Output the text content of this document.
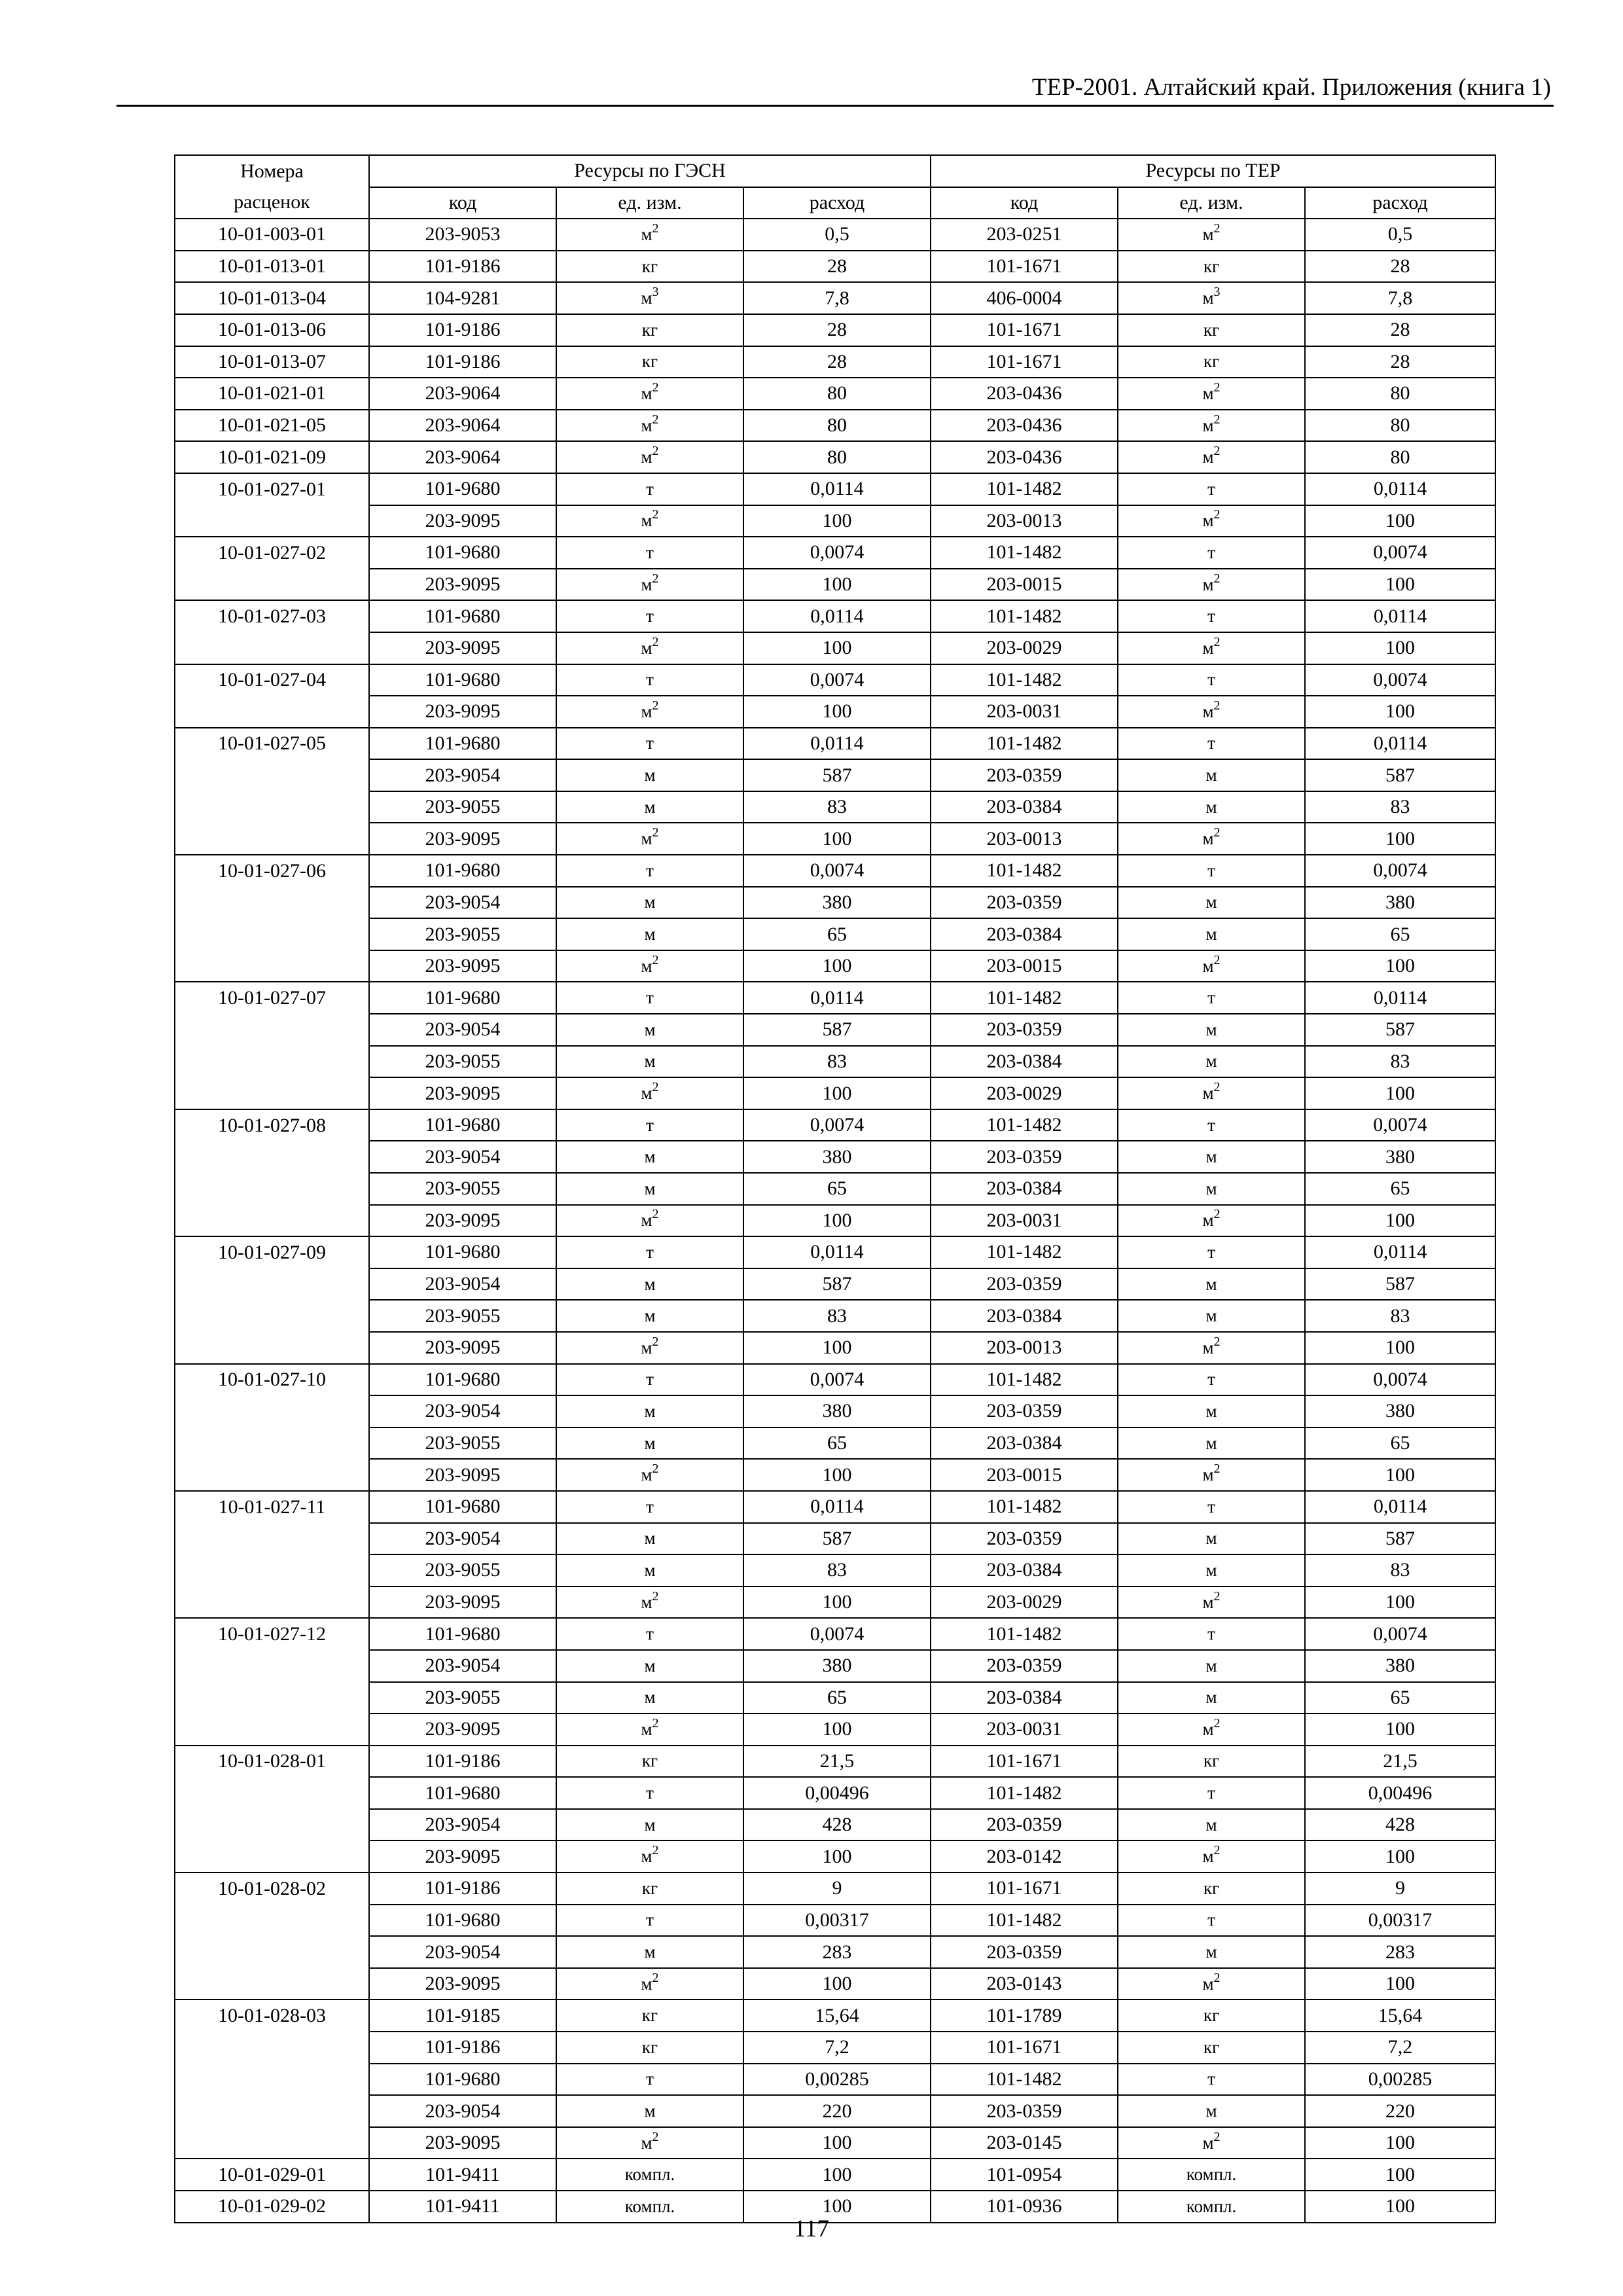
ТЕР-2001. Алтайский край. Приложения (книга 1)
Номера	Ресурсы по ГЭСН			Ресурсы по ТЕР		
расценок	код	ед. изм.	расход	код	ед. изм.	расход
10-01-003-01	203-9053	$м^2$	0,5	203-0251	$м^2$	0,5
10-01-013-01	101-9186	кг	28	101-1671	кг	28
10-01-013-04	104-9281	$м^3$	7,8	406-0004	$м^3$	7,8
10-01-013-06	101-9186	кг	28	101-1671	кг	28
10-01-013-07	101-9186	кг	28	101-1671	кг	28
10-01-021-01	203-9064	$м^2$	80	203-0436	$м^2$	80
10-01-021-05	203-9064	$м^2$	80	203-0436	$м^2$	80
10-01-021-09	203-9064	$м^2$	80	203-0436	$м^2$	80
10-01-027-01	101-9680	т	0,0114	101-1482	т	0,0114
	203-9095	$м^2$	100	203-0013	$м^2$	100
10-01-027-02	101-9680	т	0,0074	101-1482	т	0,0074
	203-9095	$м^2$	100	203-0015	$м^2$	100
10-01-027-03	101-9680	т	0,0114	101-1482	т	0,0114
	203-9095	$м^2$	100	203-0029	$м^2$	100
10-01-027-04	101-9680	т	0,0074	101-1482	т	0,0074
	203-9095	$м^2$	100	203-0031	$м^2$	100
10-01-027-05	101-9680	т	0,0114	101-1482	т	0,0114
	203-9054	м	587	203-0359	м	587
	203-9055	м	83	203-0384	м	83
	203-9095	$м^2$	100	203-0013	$м^2$	100
10-01-027-06	101-9680	т	0,0074	101-1482	т	0,0074
	203-9054	м	380	203-0359	м	380
	203-9055	м	65	203-0384	м	65
	203-9095	$м^2$	100	203-0015	$м^2$	100
10-01-027-07	101-9680	т	0,0114	101-1482	т	0,0114
	203-9054	м	587	203-0359	м	587
	203-9055	м	83	203-0384	м	83
	203-9095	$м^2$	100	203-0029	$м^2$	100
10-01-027-08	101-9680	т	0,0074	101-1482	т	0,0074
	203-9054	м	380	203-0359	м	380
	203-9055	м	65	203-0384	м	65
	203-9095	$м^2$	100	203-0031	$м^2$	100
10-01-027-09	101-9680	т	0,0114	101-1482	т	0,0114
	203-9054	м	587	203-0359	м	587
	203-9055	м	83	203-0384	м	83
	203-9095	$м^2$	100	203-0013	$м^2$	100
10-01-027-10	101-9680	т	0,0074	101-1482	т	0,0074
	203-9054	м	380	203-0359	м	380
	203-9055	м	65	203-0384	м	65
	203-9095	$м^2$	100	203-0015	$м^2$	100
10-01-027-11	101-9680	т	0,0114	101-1482	т	0,0114
	203-9054	м	587	203-0359	м	587
	203-9055	м	83	203-0384	м	83
	203-9095	$м^2$	100	203-0029	$м^2$	100
10-01-027-12	101-9680	т	0,0074	101-1482	т	0,0074
	203-9054	м	380	203-0359	м	380
	203-9055	м	65	203-0384	м	65
	203-9095	$м^2$	100	203-0031	$м^2$	100
10-01-028-01	101-9186	кг	21,5	101-1671	кг	21,5
	101-9680	т	0,00496	101-1482	т	0,00496
	203-9054	м	428	203-0359	м	428
	203-9095	$м^2$	100	203-0142	$м^2$	100
10-01-028-02	101-9186	кг	9	101-1671	кг	9
	101-9680	т	0,00317	101-1482	т	0,00317
	203-9054	м	283	203-0359	м	283
	203-9095	$м^2$	100	203-0143	$м^2$	100
10-01-028-03	101-9185	кг	15,64	101-1789	кг	15,64
	101-9186	кг	7,2	101-1671	кг	7,2
	101-9680	т	0,00285	101-1482	т	0,00285
	203-9054	м	220	203-0359	м	220
	203-9095	$м^2$	100	203-0145	$м^2$	100
10-01-029-01	101-9411	компл.	100	101-0954	компл.	100
10-01-029-02	101-9411	компл.	100	101-0936	компл.	100
117
